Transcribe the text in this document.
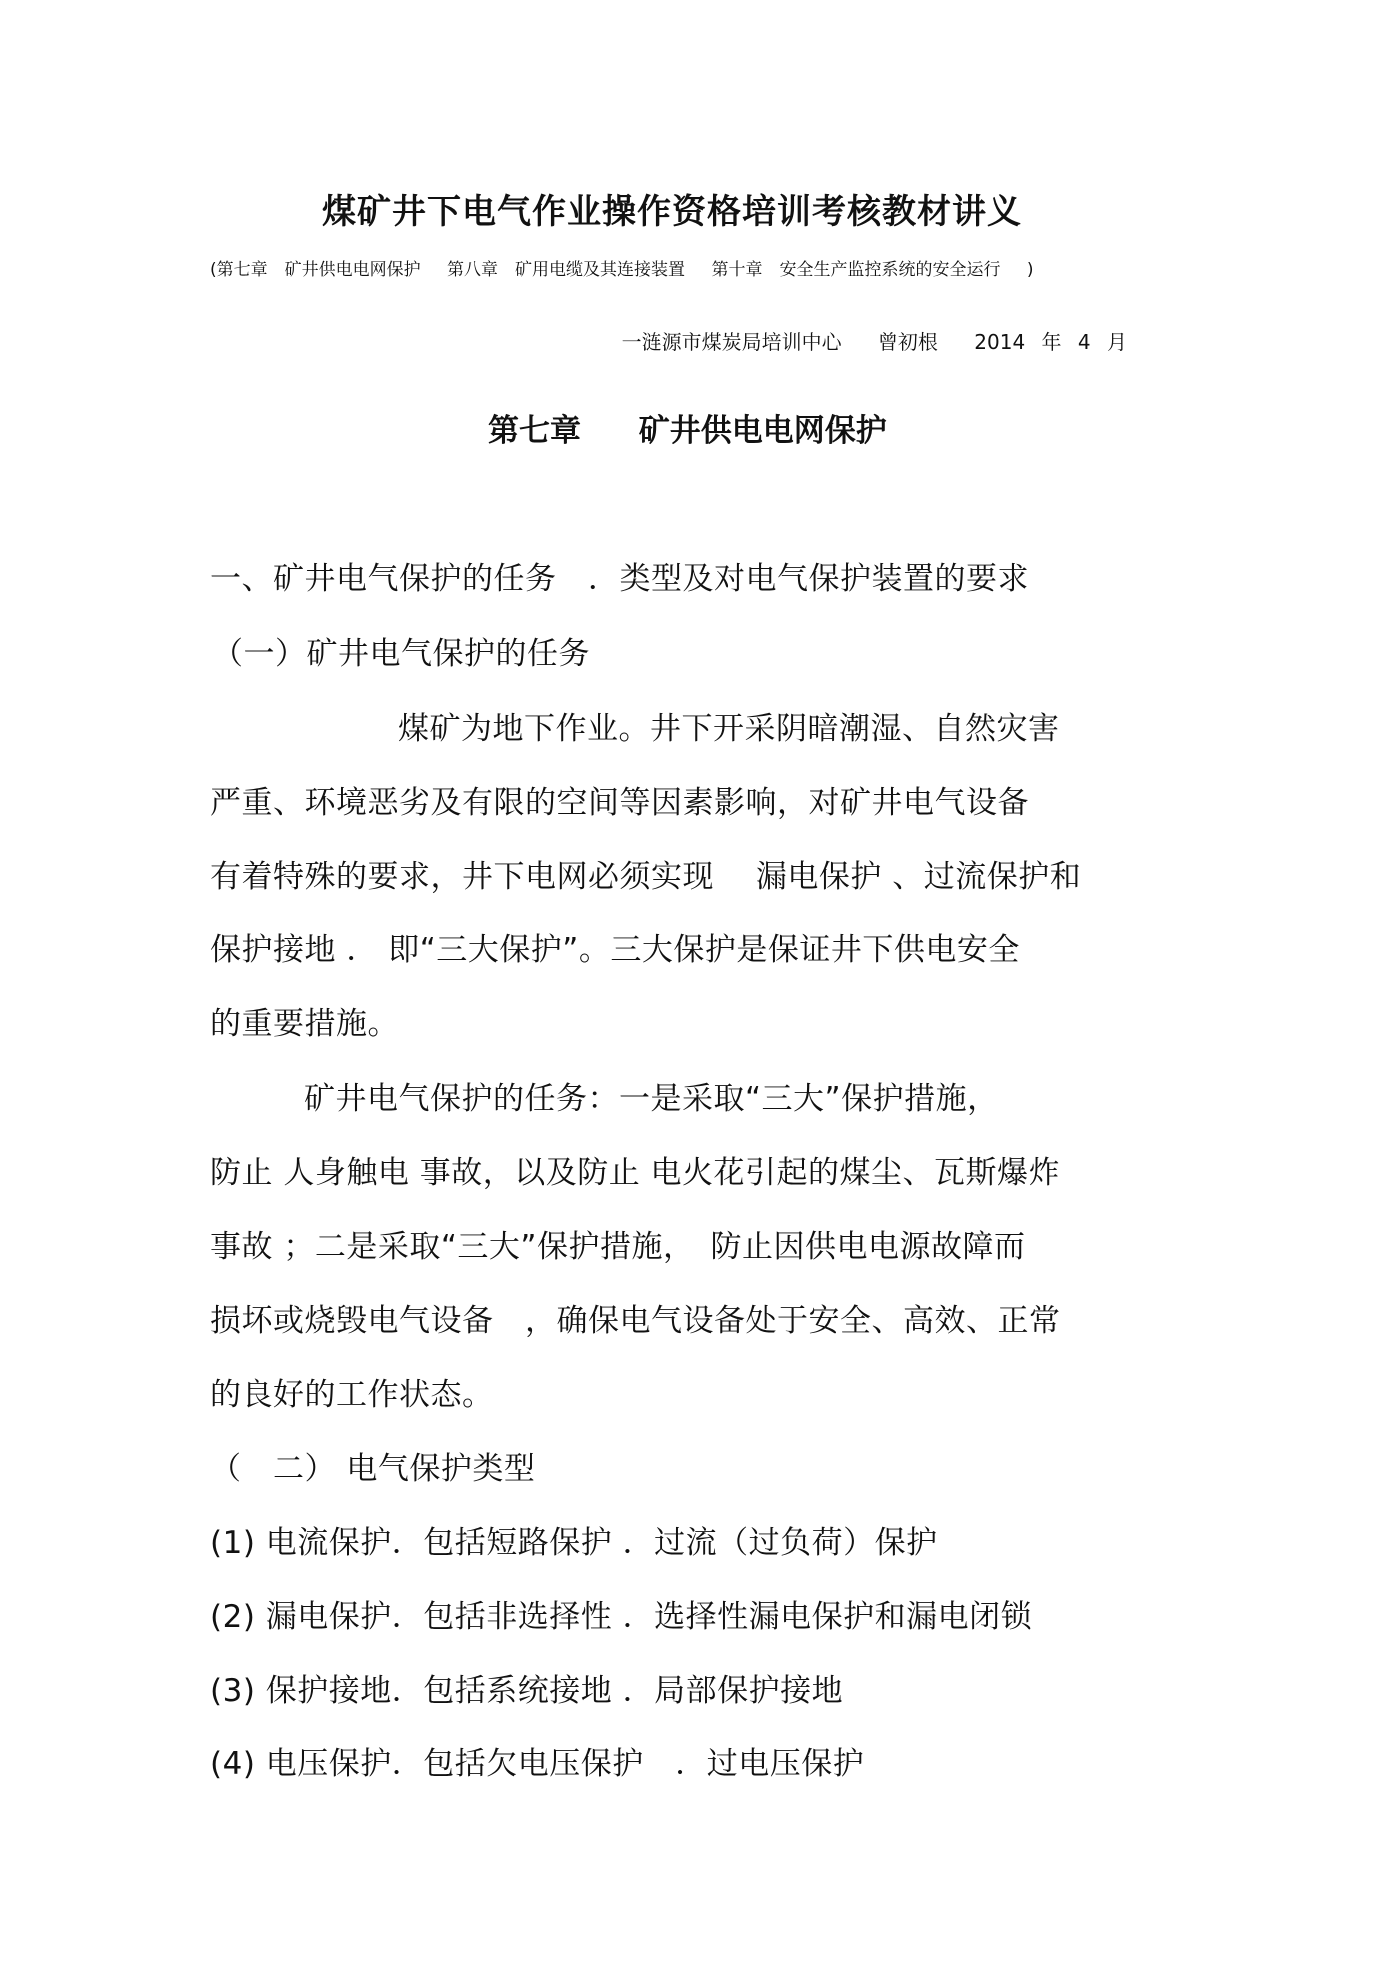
煤矿井下电气作业操作资格培训考核教材讲义

(第七章　矿井供电电网保护　 第八章　矿用电缆及其连接装置　 第十章　安全生产监控系统的安全运行　 )

一涟源市煤炭局培训中心　 曾初根　 2014 年 4 月

第七章　 矿井供电电网保护

一、矿井电气保护的任务　．类型及对电气保护装置的要求

（一）矿井电气保护的任务

煤矿为地下作业。井下开采阴暗潮湿、自然灾害

严重、环境恶劣及有限的空间等因素影响，对矿井电气设备

有着特殊的要求，井下电网必须实现　 漏电保护 、过流保护和

保护接地 ． 即“三大保护”。三大保护是保证井下供电安全

的重要措施。

矿井电气保护的任务：一是采取“三大”保护措施，

防止 人身触电 事故，以及防止 电火花引起的煤尘、瓦斯爆炸

事故 ；二是采取“三大”保护措施，　防止因供电电源故障而

损坏或烧毁电气设备　，确保电气设备处于安全、高效、正常

的良好的工作状态。

（　二） 电气保护类型

(1) 电流保护．包括短路保护 ．过流（过负荷）保护

(2) 漏电保护．包括非选择性 ．选择性漏电保护和漏电闭锁

(3) 保护接地．包括系统接地 ．局部保护接地

(4) 电压保护．包括欠电压保护　．过电压保护
